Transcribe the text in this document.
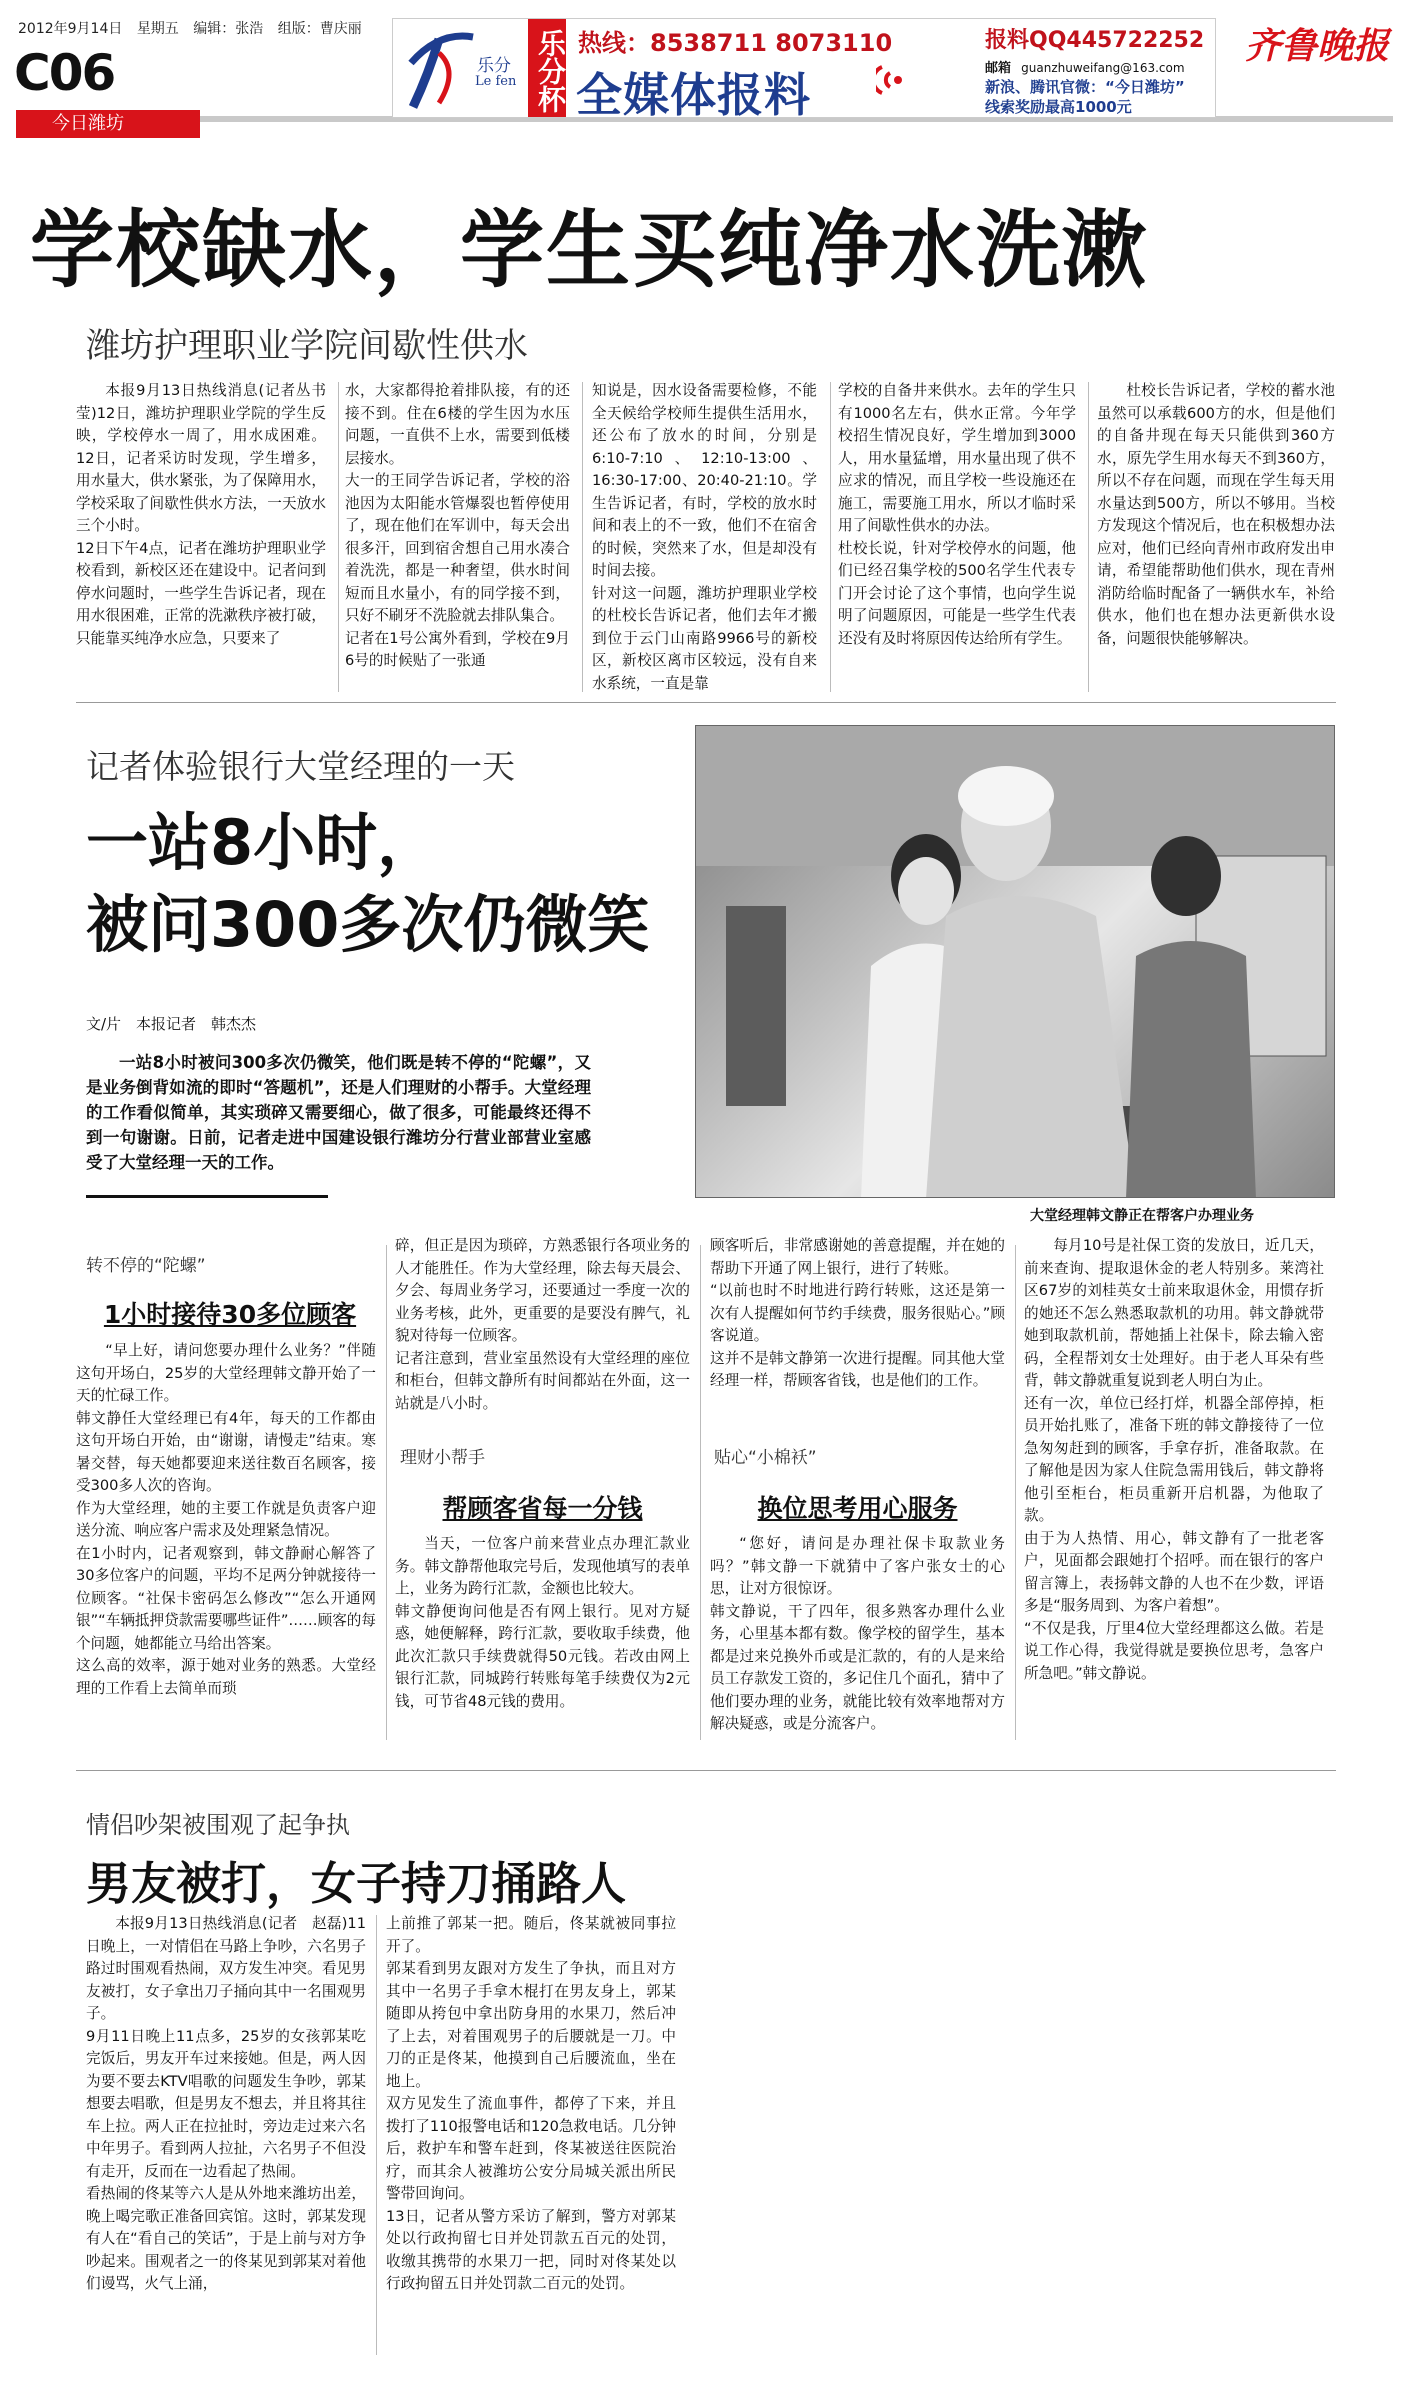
2012年9月14日 星期五 编辑：张浩 组版：曹庆丽
C06
今日潍坊
齐鲁晚报
乐分
Le fen 乐分杯 热线：8538711 8073110
全媒体报料
报料QQ445722252
邮箱 guanzhuweifang@163.com
新浪、腾讯官微：“今日潍坊”
线索奖励最高1000元
学校缺水，学生买纯净水洗漱
潍坊护理职业学院间歇性供水
本报9月13日热线消息(记者丛书莹)12日，潍坊护理职业学院的学生反映，学校停水一周了，用水成困难。12日，记者采访时发现，学生增多，用水量大，供水紧张，为了保障用水，学校采取了间歇性供水方法，一天放水三个小时。
12日下午4点，记者在潍坊护理职业学校看到，新校区还在建设中。记者问到停水问题时，一些学生告诉记者，现在用水很困难，正常的洗漱秩序被打破，只能靠买纯净水应急，只要来了
水，大家都得抢着排队接，有的还接不到。住在6楼的学生因为水压问题，一直供不上水，需要到低楼层接水。
大一的王同学告诉记者，学校的浴池因为太阳能水管爆裂也暂停使用了，现在他们在军训中，每天会出很多汗，回到宿舍想自己用水凑合着洗洗，都是一种奢望，供水时间短而且水量小，有的同学接不到，只好不刷牙不洗脸就去排队集合。
记者在1号公寓外看到，学校在9月6号的时候贴了一张通
知说是，因水设备需要检修，不能全天候给学校师生提供生活用水，还公布了放水的时间，分别是6:10-7:10、12:10-13:00、16:30-17:00、20:40-21:10。学生告诉记者，有时，学校的放水时间和表上的不一致，他们不在宿舍的时候，突然来了水，但是却没有时间去接。
针对这一问题，潍坊护理职业学校的杜校长告诉记者，他们去年才搬到位于云门山南路9966号的新校区，新校区离市区较远，没有自来水系统，一直是靠
学校的自备井来供水。去年的学生只有1000名左右，供水正常。今年学校招生情况良好，学生增加到3000人，用水量猛增，用水量出现了供不应求的情况，而且学校一些设施还在施工，需要施工用水，所以才临时采用了间歇性供水的办法。
杜校长说，针对学校停水的问题，他们已经召集学校的500名学生代表专门开会讨论了这个事情，也向学生说明了问题原因，可能是一些学生代表还没有及时将原因传达给所有学生。
杜校长告诉记者，学校的蓄水池虽然可以承载600方的水，但是他们的自备井现在每天只能供到360方水，原先学生用水每天不到360方，所以不存在问题，而现在学生每天用水量达到500方，所以不够用。当校方发现这个情况后，也在积极想办法应对，他们已经向青州市政府发出申请，希望能帮助他们供水，现在青州消防给临时配备了一辆供水车，补给供水，他们也在想办法更新供水设备，问题很快能够解决。
记者体验银行大堂经理的一天
一站8小时，
被问300多次仍微笑
文/片　本报记者　韩杰杰
一站8小时被问300多次仍微笑，他们既是转不停的“陀螺”，又是业务倒背如流的即时“答题机”，还是人们理财的小帮手。大堂经理的工作看似简单，其实琐碎又需要细心，做了很多，可能最终还得不到一句谢谢。日前，记者走进中国建设银行潍坊分行营业部营业室感受了大堂经理一天的工作。
大堂经理韩文静正在帮客户办理业务
转不停的“陀螺”
1小时接待30多位顾客
“早上好，请问您要办理什么业务？”伴随这句开场白，25岁的大堂经理韩文静开始了一天的忙碌工作。
韩文静任大堂经理已有4年，每天的工作都由这句开场白开始，由“谢谢，请慢走”结束。寒暑交替，每天她都要迎来送往数百名顾客，接受300多人次的咨询。
作为大堂经理，她的主要工作就是负责客户迎送分流、响应客户需求及处理紧急情况。
在1小时内，记者观察到，韩文静耐心解答了30多位客户的问题，平均不足两分钟就接待一位顾客。“社保卡密码怎么修改”“怎么开通网银”“车辆抵押贷款需要哪些证件”……顾客的每个问题，她都能立马给出答案。
这么高的效率，源于她对业务的熟悉。大堂经理的工作看上去简单而琐
碎，但正是因为琐碎，方熟悉银行各项业务的人才能胜任。作为大堂经理，除去每天晨会、夕会、每周业务学习，还要通过一季度一次的业务考核，此外，更重要的是要没有脾气，礼貌对待每一位顾客。
记者注意到，营业室虽然设有大堂经理的座位和柜台，但韩文静所有时间都站在外面，这一站就是八小时。
理财小帮手
帮顾客省每一分钱
当天，一位客户前来营业点办理汇款业务。韩文静帮他取完号后，发现他填写的表单上，业务为跨行汇款，金额也比较大。
韩文静便询问他是否有网上银行。见对方疑惑，她便解释，跨行汇款，要收取手续费，他此次汇款只手续费就得50元钱。若改由网上银行汇款，同城跨行转账每笔手续费仅为2元钱，可节省48元钱的费用。
顾客听后，非常感谢她的善意提醒，并在她的帮助下开通了网上银行，进行了转账。
“以前也时不时地进行跨行转账，这还是第一次有人提醒如何节约手续费，服务很贴心。”顾客说道。
这并不是韩文静第一次进行提醒。同其他大堂经理一样，帮顾客省钱，也是他们的工作。
贴心“小棉袄”
换位思考用心服务
“您好，请问是办理社保卡取款业务吗？”韩文静一下就猜中了客户张女士的心思，让对方很惊讶。
韩文静说，干了四年，很多熟客办理什么业务，心里基本都有数。像学校的留学生，基本都是过来兑换外币或是汇款的，有的人是来给员工存款发工资的，多记住几个面孔，猜中了他们要办理的业务，就能比较有效率地帮对方解决疑惑，或是分流客户。
每月10号是社保工资的发放日，近几天，前来查询、提取退休金的老人特别多。莱湾社区67岁的刘桂英女士前来取退休金，用惯存折的她还不怎么熟悉取款机的功用。韩文静就带她到取款机前，帮她插上社保卡，除去输入密码，全程帮刘女士处理好。由于老人耳朵有些背，韩文静就重复说到老人明白为止。
还有一次，单位已经打烊，机器全部停掉，柜员开始扎账了，准备下班的韩文静接待了一位急匆匆赶到的顾客，手拿存折，准备取款。在了解他是因为家人住院急需用钱后，韩文静将他引至柜台，柜员重新开启机器，为他取了款。
由于为人热情、用心，韩文静有了一批老客户，见面都会跟她打个招呼。而在银行的客户留言簿上，表扬韩文静的人也不在少数，评语多是“服务周到、为客户着想”。
“不仅是我，厅里4位大堂经理都这么做。若是说工作心得，我觉得就是要换位思考，急客户所急吧。”韩文静说。
情侣吵架被围观了起争执
男友被打，女子持刀捅路人
本报9月13日热线消息(记者　赵磊)11日晚上，一对情侣在马路上争吵，六名男子路过时围观看热闹，双方发生冲突。看见男友被打，女子拿出刀子捅向其中一名围观男子。
9月11日晚上11点多，25岁的女孩郭某吃完饭后，男友开车过来接她。但是，两人因为要不要去KTV唱歌的问题发生争吵，郭某想要去唱歌，但是男友不想去，并且将其往车上拉。两人正在拉扯时，旁边走过来六名中年男子。看到两人拉扯，六名男子不但没有走开，反而在一边看起了热闹。
看热闹的佟某等六人是从外地来潍坊出差，晚上喝完歌正准备回宾馆。这时，郭某发现有人在“看自己的笑话”，于是上前与对方争吵起来。围观者之一的佟某见到郭某对着他们谩骂，火气上涌，
上前推了郭某一把。随后，佟某就被同事拉开了。
郭某看到男友跟对方发生了争执，而且对方其中一名男子手拿木棍打在男友身上，郭某随即从挎包中拿出防身用的水果刀，然后冲了上去，对着围观男子的后腰就是一刀。中刀的正是佟某，他摸到自己后腰流血，坐在地上。
双方见发生了流血事件，都停了下来，并且拨打了110报警电话和120急救电话。几分钟后，救护车和警车赶到，佟某被送往医院治疗，而其余人被潍坊公安分局城关派出所民警带回询问。
13日，记者从警方采访了解到，警方对郭某处以行政拘留七日并处罚款五百元的处罚，收缴其携带的水果刀一把，同时对佟某处以行政拘留五日并处罚款二百元的处罚。
